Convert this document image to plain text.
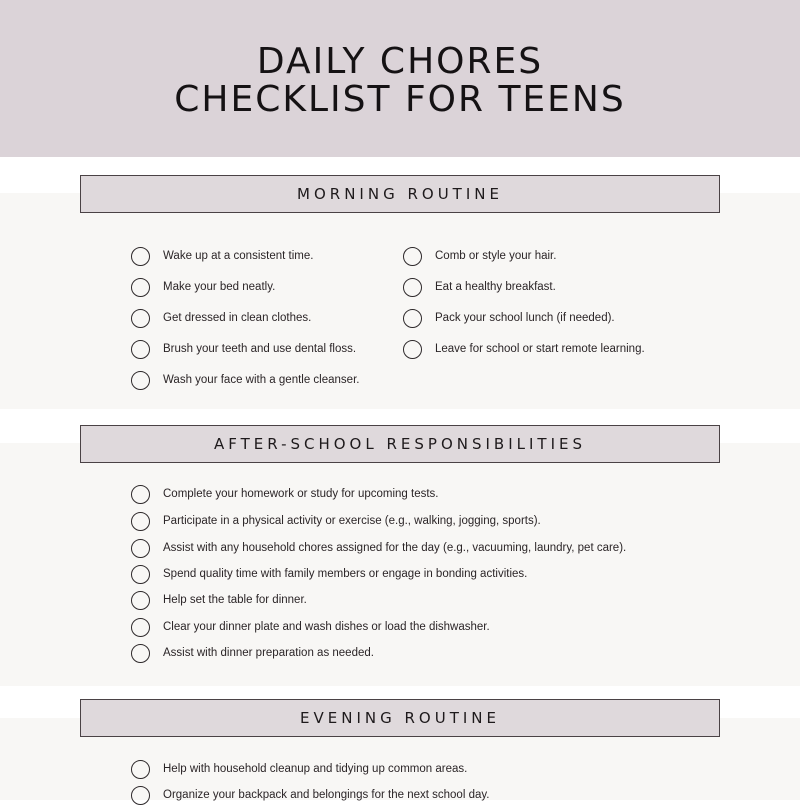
DAILY CHORES
CHECKLIST FOR TEENS
MORNING ROUTINE
Wake up at a consistent time.
Make your bed neatly.
Get dressed in clean clothes.
Brush your teeth and use dental floss.
Wash your face with a gentle cleanser.
Comb or style your hair.
Eat a healthy breakfast.
Pack your school lunch (if needed).
Leave for school or start remote learning.
AFTER-SCHOOL RESPONSIBILITIES
Complete your homework or study for upcoming tests.
Participate in a physical activity or exercise (e.g., walking, jogging, sports).
Assist with any household chores assigned for the day (e.g., vacuuming, laundry, pet care).
Spend quality time with family members or engage in bonding activities.
Help set the table for dinner.
Clear your dinner plate and wash dishes or load the dishwasher.
Assist with dinner preparation as needed.
EVENING ROUTINE
Help with household cleanup and tidying up common areas.
Organize your backpack and belongings for the next school day.
